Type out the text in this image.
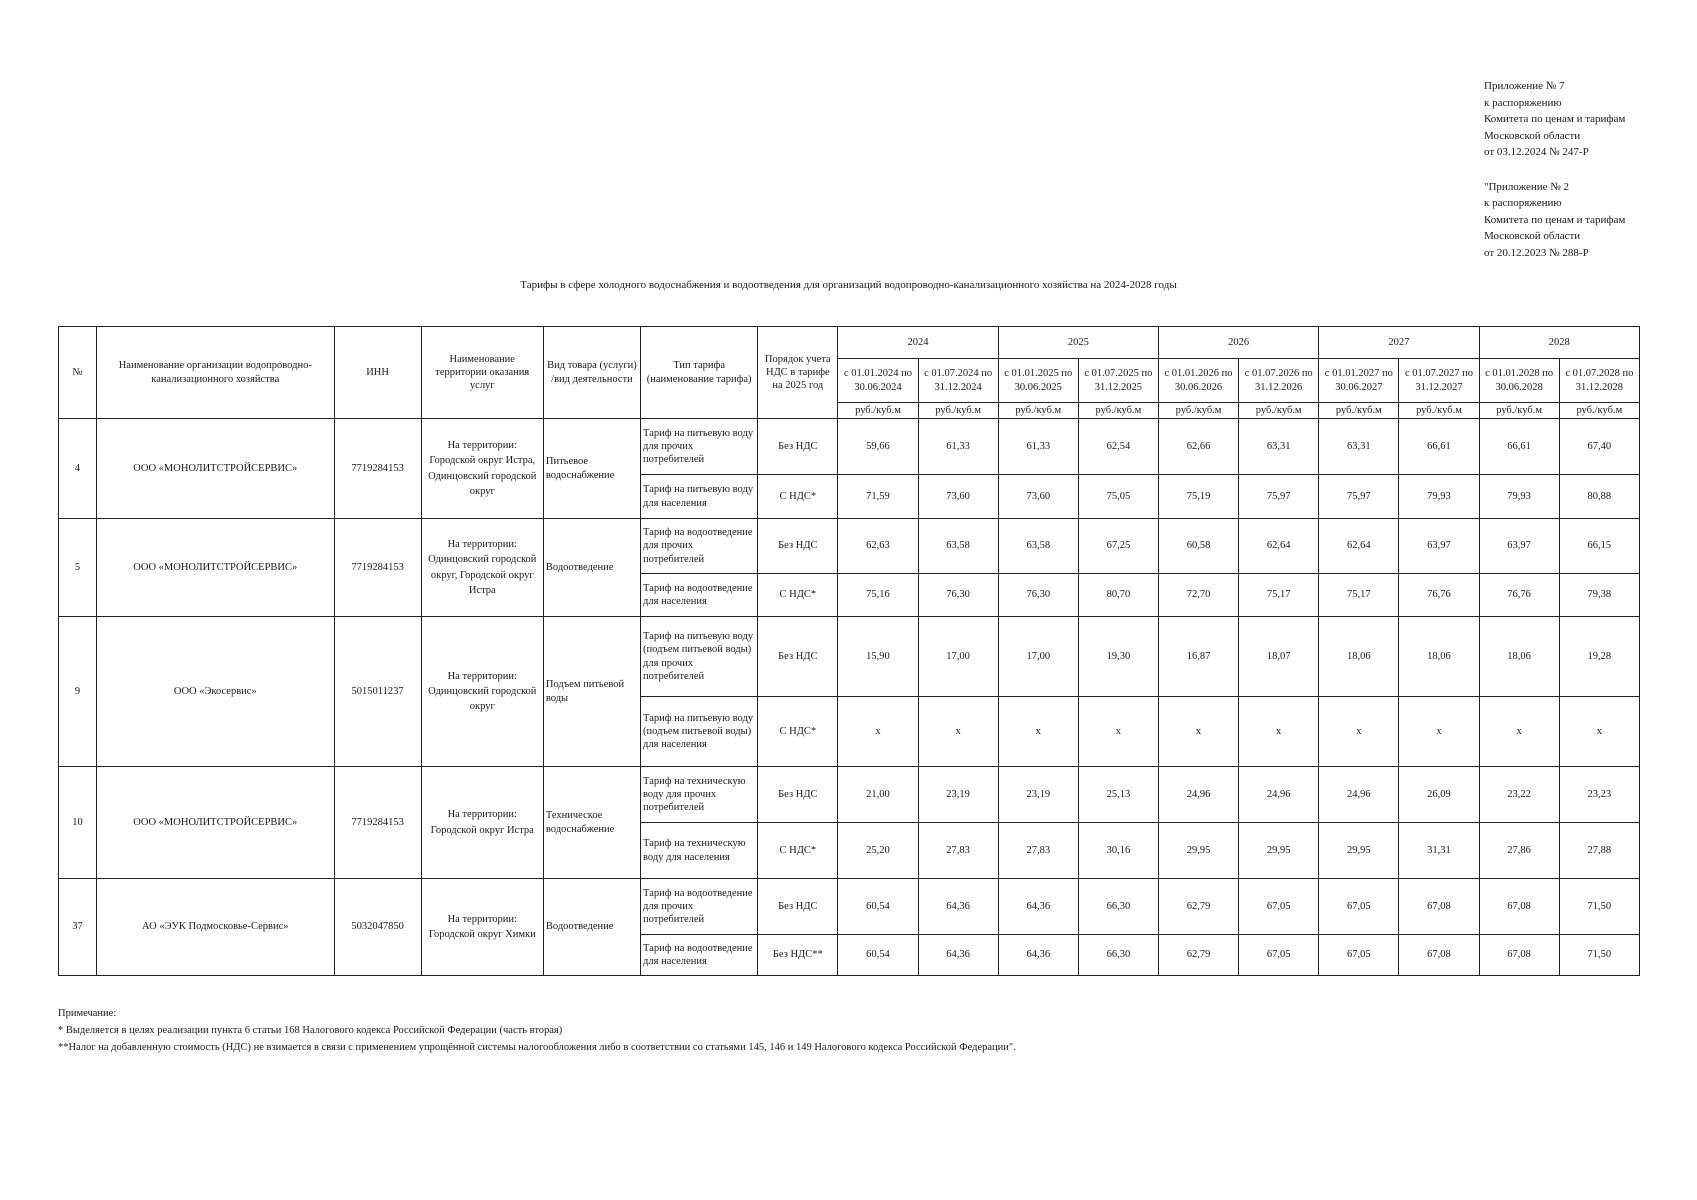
Приложение № 7
к распоряжению
Комитета по ценам и тарифам
Московской области
от 03.12.2024 № 247-Р
"Приложение № 2
к распоряжению
Комитета по ценам и тарифам
Московской области
от 20.12.2023 № 288-Р
Тарифы в сфере холодного водоснабжения и водоотведения для организаций водопроводно-канализационного хозяйства на 2024-2028 годы
№	Наименование организации водопроводно-канализационного хозяйства	ИНН	Наименование территории оказания услуг	Вид товара (услуги) /вид деятельности	Тип тарифа (наименование тарифа)	Порядок учета НДС в тарифе на 2025 год	2024		2025		2026		2027		2028	
							с 01.01.2024 по 30.06.2024	с 01.07.2024 по 31.12.2024	с 01.01.2025 по 30.06.2025	с 01.07.2025 по 31.12.2025	с 01.01.2026 по 30.06.2026	с 01.07.2026 по 31.12.2026	с 01.01.2027 по 30.06.2027	с 01.07.2027 по 31.12.2027	с 01.01.2028 по 30.06.2028	с 01.07.2028 по 31.12.2028
							руб./куб.м	руб./куб.м	руб./куб.м	руб./куб.м	руб./куб.м	руб./куб.м	руб./куб.м	руб./куб.м	руб./куб.м	руб./куб.м
4	ООО «МОНОЛИТСТРОЙСЕРВИС»	7719284153	На территории: Городской округ Истра, Одинцовский городской округ	Питьевое водоснабжение	Тариф на питьевую воду для прочих потребителей	Без НДС	59,66	61,33	61,33	62,54	62,66	63,31	63,31	66,61	66,61	67,40
					Тариф на питьевую воду для населения	С НДС*	71,59	73,60	73,60	75,05	75,19	75,97	75,97	79,93	79,93	80,88
5	ООО «МОНОЛИТСТРОЙСЕРВИС»	7719284153	На территории: Одинцовский городской округ, Городской округ Истра	Водоотведение	Тариф на водоотведение для прочих потребителей	Без НДС	62,63	63,58	63,58	67,25	60,58	62,64	62,64	63,97	63,97	66,15
					Тариф на водоотведение для населения	С НДС*	75,16	76,30	76,30	80,70	72,70	75,17	75,17	76,76	76,76	79,38
9	ООО «Экосервис»	5015011237	На территории: Одинцовский городской округ	Подъем питьевой воды	Тариф на питьевую воду (подъем питьевой воды) для прочих потребителей	Без НДС	15,90	17,00	17,00	19,30	16,87	18,07	18,06	18,06	18,06	19,28
					Тариф на питьевую воду (подъем питьевой воды) для населения	С НДС*	x	x	x	x	x	x	x	x	x	x
10	ООО «МОНОЛИТСТРОЙСЕРВИС»	7719284153	На территории: Городской округ Истра	Техническое водоснабжение	Тариф на техническую воду для прочих потребителей	Без НДС	21,00	23,19	23,19	25,13	24,96	24,96	24,96	26,09	23,22	23,23
					Тариф на техническую воду для населения	С НДС*	25,20	27,83	27,83	30,16	29,95	29,95	29,95	31,31	27,86	27,88
37	АО «ЭУК Подмосковье-Сервис»	5032047850	На территории: Городской округ Химки	Водоотведение	Тариф на водоотведение для прочих потребителей	Без НДС	60,54	64,36	64,36	66,30	62,79	67,05	67,05	67,08	67,08	71,50
					Тариф на водоотведение для населения	Без НДС**	60,54	64,36	64,36	66,30	62,79	67,05	67,05	67,08	67,08	71,50
Примечание:
* Выделяется в целях реализации пункта 6 статьи 168 Налогового кодекса Российской Федерации (часть вторая)
**Налог на добавленную стоимость (НДС) не взимается в связи с применением упрощённой системы налогообложения либо в соответствии со статьями 145, 146 и 149 Налогового кодекса Российской Федерации".
